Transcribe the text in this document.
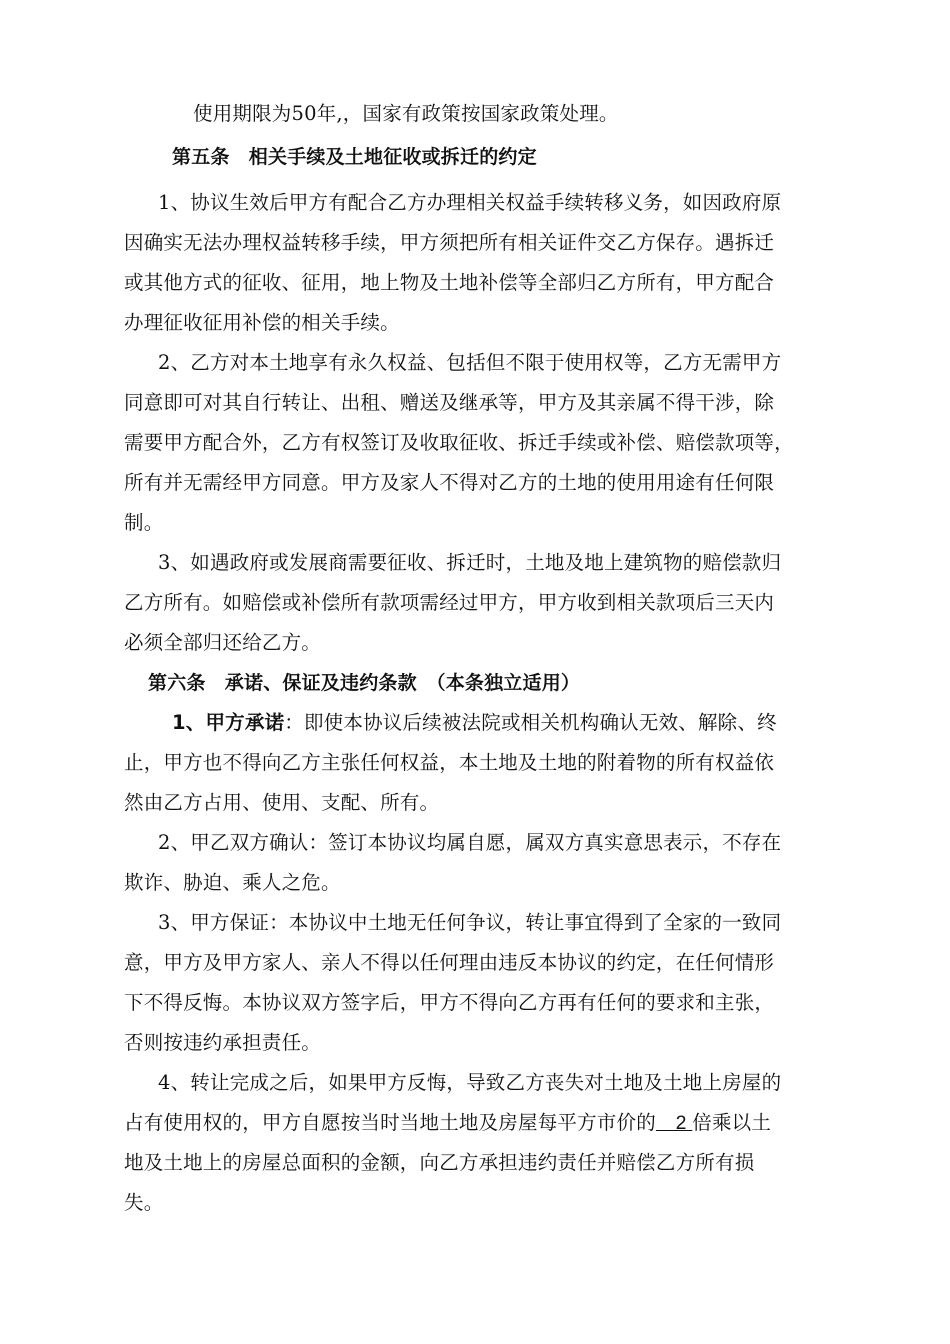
使用期限为50年,，国家有政策按国家政策处理。

第五条　相关手续及土地征收或拆迁的约定

1、协议生效后甲方有配合乙方办理相关权益手续转移义务，如因政府原

因确实无法办理权益转移手续，甲方须把所有相关证件交乙方保存。遇拆迁

或其他方式的征收、征用，地上物及土地补偿等全部归乙方所有，甲方配合

办理征收征用补偿的相关手续。

2、乙方对本土地享有永久权益、包括但不限于使用权等，乙方无需甲方

同意即可对其自行转让、出租、赠送及继承等，甲方及其亲属不得干涉，除

需要甲方配合外，乙方有权签订及收取征收、拆迁手续或补偿、赔偿款项等，

所有并无需经甲方同意。甲方及家人不得对乙方的土地的使用用途有任何限

制。

3、如遇政府或发展商需要征收、拆迁时，土地及地上建筑物的赔偿款归

乙方所有。如赔偿或补偿所有款项需经过甲方，甲方收到相关款项后三天内

必须全部归还给乙方。

第六条　承诺、保证及违约条款　（本条独立适用）

1、甲方承诺：即使本协议后续被法院或相关机构确认无效、解除、终

止，甲方也不得向乙方主张任何权益，本土地及土地的附着物的所有权益依

然由乙方占用、使用、支配、所有。

2、甲乙双方确认：签订本协议均属自愿，属双方真实意思表示，不存在

欺诈、胁迫、乘人之危。

3、甲方保证：本协议中土地无任何争议，转让事宜得到了全家的一致同

意，甲方及甲方家人、亲人不得以任何理由违反本协议的约定，在任何情形

下不得反悔。本协议双方签字后，甲方不得向乙方再有任何的要求和主张，

否则按违约承担责任。

4、转让完成之后，如果甲方反悔，导致乙方丧失对土地及土地上房屋的

占有使用权的，甲方自愿按当时当地土地及房屋每平方市价的　2 倍乘以土

地及土地上的房屋总面积的金额，向乙方承担违约责任并赔偿乙方所有损

失。
